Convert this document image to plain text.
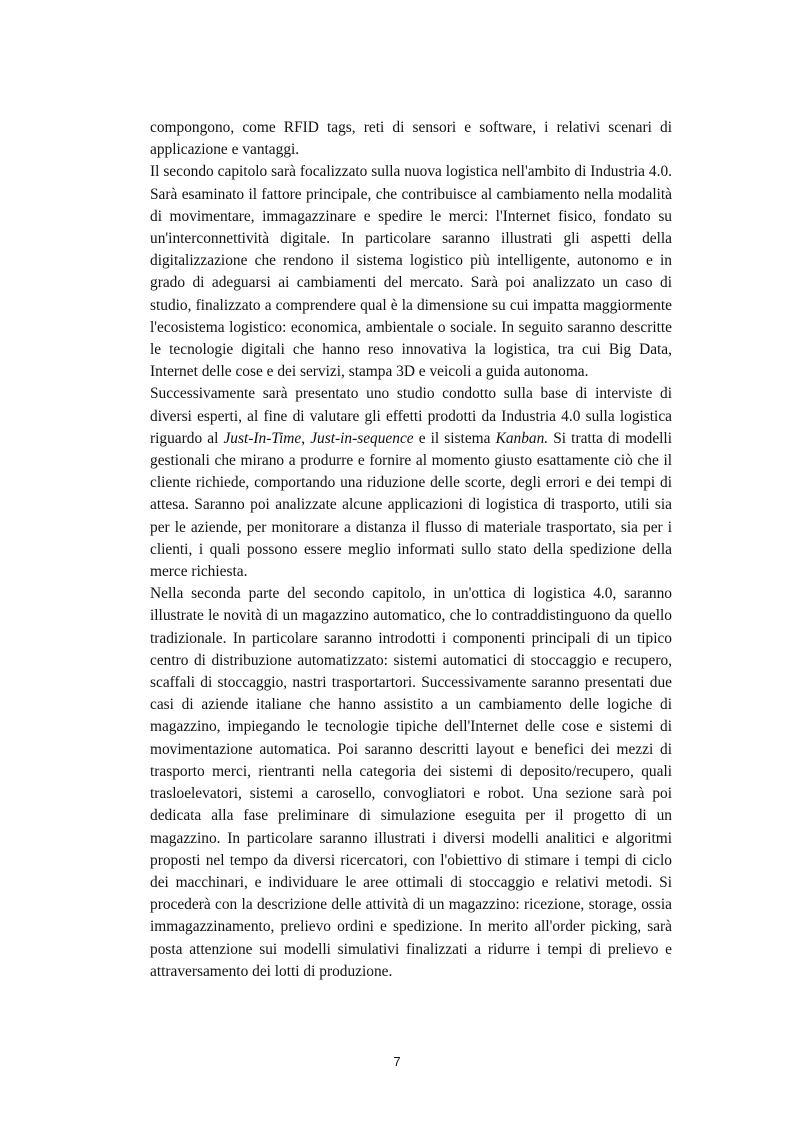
compongono, come RFID tags, reti di sensori e software, i relativi scenari di applicazione e vantaggi.

Il secondo capitolo sarà focalizzato sulla nuova logistica nell'ambito di Industria 4.0. Sarà esaminato il fattore principale, che contribuisce al cambiamento nella modalità di movimentare, immagazzinare e spedire le merci: l'Internet fisico, fondato su un'interconnettività digitale. In particolare saranno illustrati gli aspetti della digitalizzazione che rendono il sistema logistico più intelligente, autonomo e in grado di adeguarsi ai cambiamenti del mercato. Sarà poi analizzato un caso di studio, finalizzato a comprendere qual è la dimensione su cui impatta maggiormente l'ecosistema logistico: economica, ambientale o sociale. In seguito saranno descritte le tecnologie digitali che hanno reso innovativa la logistica, tra cui Big Data, Internet delle cose e dei servizi, stampa 3D e veicoli a guida autonoma.

Successivamente sarà presentato uno studio condotto sulla base di interviste di diversi esperti, al fine di valutare gli effetti prodotti da Industria 4.0 sulla logistica riguardo al Just-In-Time, Just-in-sequence e il sistema Kanban. Si tratta di modelli gestionali che mirano a produrre e fornire al momento giusto esattamente ciò che il cliente richiede, comportando una riduzione delle scorte, degli errori e dei tempi di attesa. Saranno poi analizzate alcune applicazioni di logistica di trasporto, utili sia per le aziende, per monitorare a distanza il flusso di materiale trasportato, sia per i clienti, i quali possono essere meglio informati sullo stato della spedizione della merce richiesta.

Nella seconda parte del secondo capitolo, in un'ottica di logistica 4.0, saranno illustrate le novità di un magazzino automatico, che lo contraddistinguono da quello tradizionale. In particolare saranno introdotti i componenti principali di un tipico centro di distribuzione automatizzato: sistemi automatici di stoccaggio e recupero, scaffali di stoccaggio, nastri trasportartori. Successivamente saranno presentati due casi di aziende italiane che hanno assistito a un cambiamento delle logiche di magazzino, impiegando le tecnologie tipiche dell'Internet delle cose e sistemi di movimentazione automatica. Poi saranno descritti layout e benefici dei mezzi di trasporto merci, rientranti nella categoria dei sistemi di deposito/recupero, quali trasloelevatori, sistemi a carosello, convogliatori e robot. Una sezione sarà poi dedicata alla fase preliminare di simulazione eseguita per il progetto di un magazzino. In particolare saranno illustrati i diversi modelli analitici e algoritmi proposti nel tempo da diversi ricercatori, con l'obiettivo di stimare i tempi di ciclo dei macchinari, e individuare le aree ottimali di stoccaggio e relativi metodi. Si procederà con la descrizione delle attività di un magazzino: ricezione, storage, ossia immagazzinamento, prelievo ordini e spedizione. In merito all'order picking, sarà posta attenzione sui modelli simulativi finalizzati a ridurre i tempi di prelievo e attraversamento dei lotti di produzione.

7
